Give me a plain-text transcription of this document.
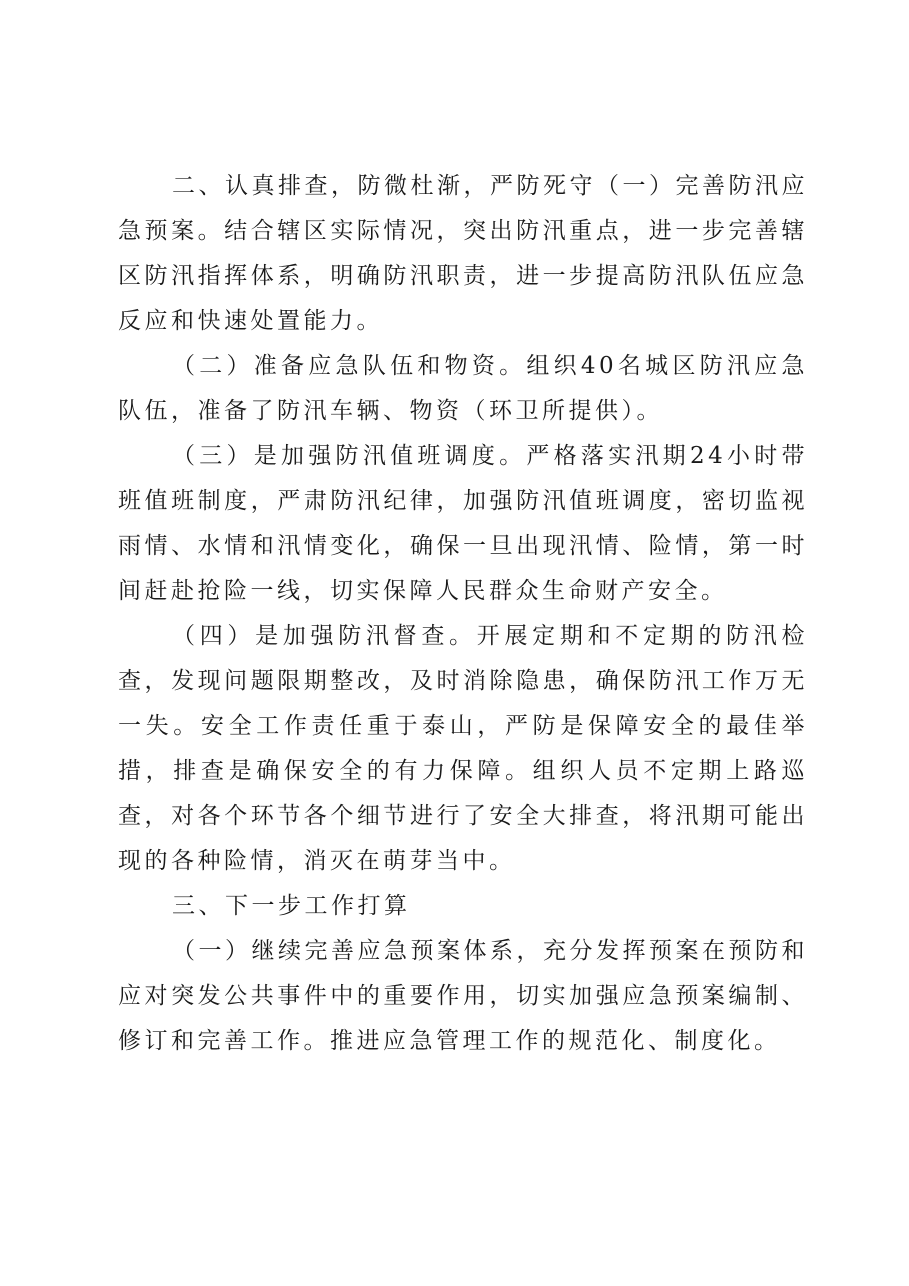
二、认真排查，防微杜渐，严防死守（一）完善防汛应急预案。结合辖区实际情况，突出防汛重点，进一步完善辖区防汛指挥体系，明确防汛职责，进一步提高防汛队伍应急反应和快速处置能力。

（二）准备应急队伍和物资。组织40名城区防汛应急队伍，准备了防汛车辆、物资（环卫所提供）。

（三）是加强防汛值班调度。严格落实汛期24小时带班值班制度，严肃防汛纪律，加强防汛值班调度，密切监视雨情、水情和汛情变化，确保一旦出现汛情、险情，第一时间赶赴抢险一线，切实保障人民群众生命财产安全。

（四）是加强防汛督查。开展定期和不定期的防汛检查，发现问题限期整改，及时消除隐患，确保防汛工作万无一失。安全工作责任重于泰山，严防是保障安全的最佳举措，排查是确保安全的有力保障。组织人员不定期上路巡查，对各个环节各个细节进行了安全大排查，将汛期可能出现的各种险情，消灭在萌芽当中。

三、下一步工作打算

（一）继续完善应急预案体系，充分发挥预案在预防和应对突发公共事件中的重要作用，切实加强应急预案编制、修订和完善工作。推进应急管理工作的规范化、制度化。
